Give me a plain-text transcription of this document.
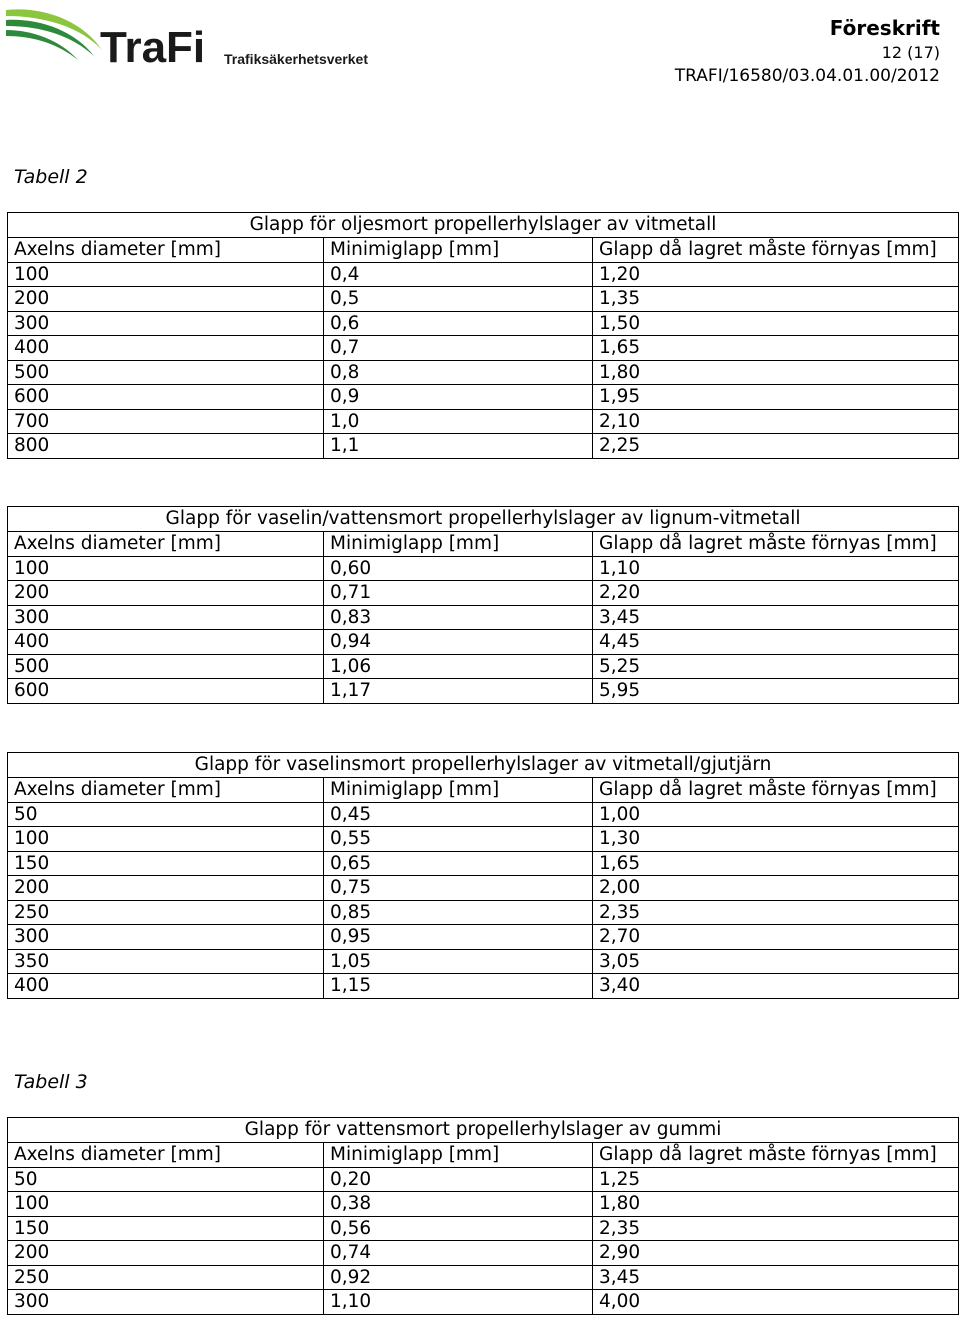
TraFi Trafiksäkerhetsverket
Föreskrift
12 (17)
TRAFI/16580/03.04.01.00/2012
Tabell 2
Tabell 3
Glapp för oljesmort propellerhylslager av vitmetall		
Axelns diameter [mm]	Minimiglapp [mm]	Glapp då lagret måste förnyas [mm]
100	0,4	1,20
200	0,5	1,35
300	0,6	1,50
400	0,7	1,65
500	0,8	1,80
600	0,9	1,95
700	1,0	2,10
800	1,1	2,25
Glapp för vaselin/vattensmort propellerhylslager av lignum-vitmetall		
Axelns diameter [mm]	Minimiglapp [mm]	Glapp då lagret måste förnyas [mm]
100	0,60	1,10
200	0,71	2,20
300	0,83	3,45
400	0,94	4,45
500	1,06	5,25
600	1,17	5,95
Glapp för vaselinsmort propellerhylslager av vitmetall/gjutjärn		
Axelns diameter [mm]	Minimiglapp [mm]	Glapp då lagret måste förnyas [mm]
50	0,45	1,00
100	0,55	1,30
150	0,65	1,65
200	0,75	2,00
250	0,85	2,35
300	0,95	2,70
350	1,05	3,05
400	1,15	3,40
Glapp för vattensmort propellerhylslager av gummi		
Axelns diameter [mm]	Minimiglapp [mm]	Glapp då lagret måste förnyas [mm]
50	0,20	1,25
100	0,38	1,80
150	0,56	2,35
200	0,74	2,90
250	0,92	3,45
300	1,10	4,00
